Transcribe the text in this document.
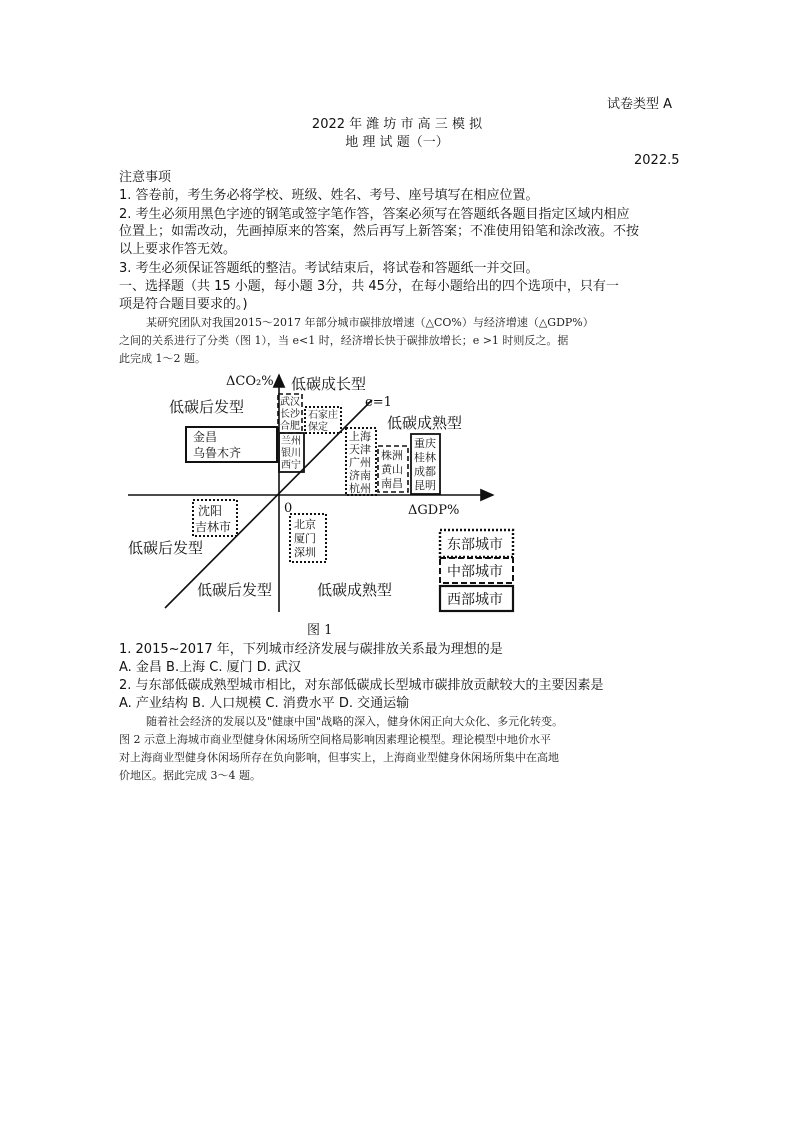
试卷类型 A
2022 年 潍 坊 市 高 三 模 拟
地 理 试 题（一）
2022.5
注意事项
1. 答卷前，考生务必将学校、班级、姓名、考号、座号填写在相应位置。
2. 考生必须用黑色字迹的钢笔或签字笔作答，答案必须写在答题纸各题目指定区域内相应
位置上；如需改动，先画掉原来的答案，然后再写上新答案；不准使用铅笔和涂改液。不按
以上要求作答无效。
3. 考生必须保证答题纸的整洁。考试结束后，将试卷和答题纸一并交回。
一、选择题（共 15 小题，每小题 3分，共 45分，在每小题给出的四个选项中，只有一
项是符合题目要求的。)
某研究团队对我国2015～2017 年部分城市碳排放增速（△CO%）与经济增速（△GDP%）
之间的关系进行了分类（图 1），当 e<1 时，经济增长快于碳排放增长；e >1 时则反之。据
此完成 1～2 题。
ΔCO₂%
ΔGDP%
0
e=1
低碳后发型
低碳成长型
低碳成熟型
低碳后发型
低碳后发型	低碳成熟型
金昌
乌鲁木齐
武汉
长沙
合肥
石家庄
保定
兰州
银川
西宁
上海
天津
广州
济南
杭州
株洲
黄山
南昌
重庆
桂林
成都
昆明
沈阳
吉林市	北京
厦门
深圳	东部城市
中部城市
西部城市
图 1
1. 2015~2017 年，下列城市经济发展与碳排放关系最为理想的是
A. 金昌 B.上海 C. 厦门 D. 武汉
2. 与东部低碳成熟型城市相比，对东部低碳成长型城市碳排放贡献较大的主要因素是
A. 产业结构 B. 人口规模 C. 消费水平 D. 交通运输
随着社会经济的发展以及"健康中国"战略的深入，健身休闲正向大众化、多元化转变。
图 2 示意上海城市商业型健身休闲场所空间格局影响因素理论模型。理论模型中地价水平
对上海商业型健身休闲场所存在负向影响，但事实上，上海商业型健身休闲场所集中在高地
价地区。据此完成 3～4 题。
